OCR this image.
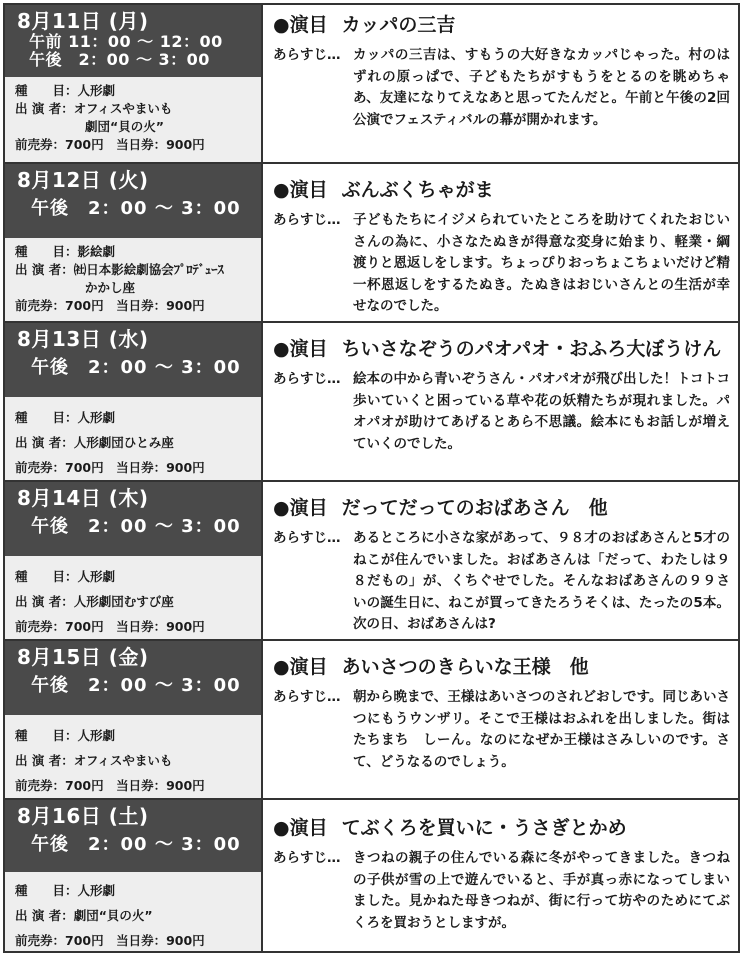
8月11日 (月)
午前 11：00 ～ 12：00
午後　2：00 ～ 3：00
種　　目：人形劇
出 演 者：オフィスやまいも
劇団“貝の火”
前売券：700円　当日券：900円
●演目 カッパの三吉
あらすじ… カッパの三吉は、すもうの大好きなカッパじゃった。村のはずれの原っぱで、子どもたちがすもうをとるのを眺めちゃあ、友達になりてえなあと思ってたんだと。午前と午後の2回公演でフェスティバルの幕が開かれます。
8月12日 (火)
午後　2：00 ～ 3：00
種　　目：影絵劇
出 演 者：㈳日本影絵劇協会ﾌﾟﾛﾃﾞｭｰｽ
かかし座
前売券：700円　当日券：900円
●演目 ぶんぶくちゃがま
あらすじ… 子どもたちにイジメられていたところを助けてくれたおじいさんの為に、小さなたぬきが得意な変身に始まり、軽業・綱渡りと恩返しをします。ちょっぴりおっちょこちょいだけど精一杯恩返しをするたぬき。たぬきはおじいさんとの生活が幸せなのでした。
8月13日 (水)
午後　2：00 ～ 3：00
種　　目：人形劇
出 演 者：人形劇団ひとみ座
前売券：700円　当日券：900円
●演目 ちいさなぞうのパオパオ・おふろ大ぼうけん
あらすじ… 絵本の中から青いぞうさん・パオパオが飛び出した！トコトコ歩いていくと困っている草や花の妖精たちが現れました。パオパオが助けてあげるとあら不思議。絵本にもお話しが増えていくのでした。
8月14日 (木)
午後　2：00 ～ 3：00
種　　目：人形劇
出 演 者：人形劇団むすび座
前売券：700円　当日券：900円
●演目 だってだってのおばあさん　他
あらすじ… あるところに小さな家があって、９８才のおばあさんと5才のねこが住んでいました。おばあさんは「だって、わたしは９８だもの」が、くちぐせでした。そんなおばあさんの９９さいの誕生日に、ねこが買ってきたろうそくは、たったの5本。次の日、おばあさんは?
8月15日 (金)
午後　2：00 ～ 3：00
種　　目：人形劇
出 演 者：オフィスやまいも
前売券：700円　当日券：900円
●演目 あいさつのきらいな王様　他
あらすじ… 朝から晩まで、王様はあいさつのされどおしです。同じあいさつにもうウンザリ。そこで王様はおふれを出しました。街はたちまち　しーん。なのになぜか王様はさみしいのです。さて、どうなるのでしょう。
8月16日 (土)
午後　2：00 ～ 3：00
種　　目：人形劇
出 演 者：劇団“貝の火”
前売券：700円　当日券：900円
●演目 てぶくろを買いに・うさぎとかめ
あらすじ… きつねの親子の住んでいる森に冬がやってきました。きつねの子供が雪の上で遊んでいると、手が真っ赤になってしまいました。見かねた母きつねが、街に行って坊やのためにてぶくろを買おうとしますが。
